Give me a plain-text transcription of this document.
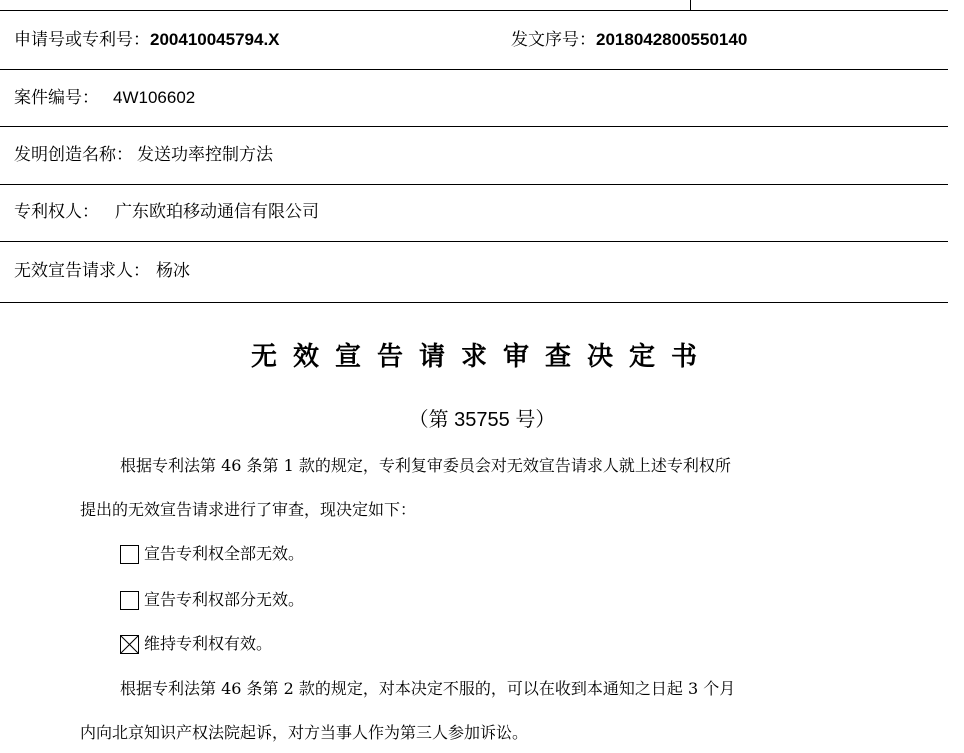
申请号或专利号：200410045794.X	发文序号：2018042800550140
案件编号： 4W106602
发明创造名称： 发送功率控制方法
专利权人： 广东欧珀移动通信有限公司
无效宣告请求人： 杨冰
无效宣告请求审查决定书
（第 35755 号）
根据专利法第 46 条第 1 款的规定，专利复审委员会对无效宣告请求人就上述专利权所
提出的无效宣告请求进行了审查，现决定如下：
宣告专利权全部无效。
宣告专利权部分无效。
维持专利权有效。
根据专利法第 46 条第 2 款的规定，对本决定不服的，可以在收到本通知之日起 3 个月
内向北京知识产权法院起诉，对方当事人作为第三人参加诉讼。
